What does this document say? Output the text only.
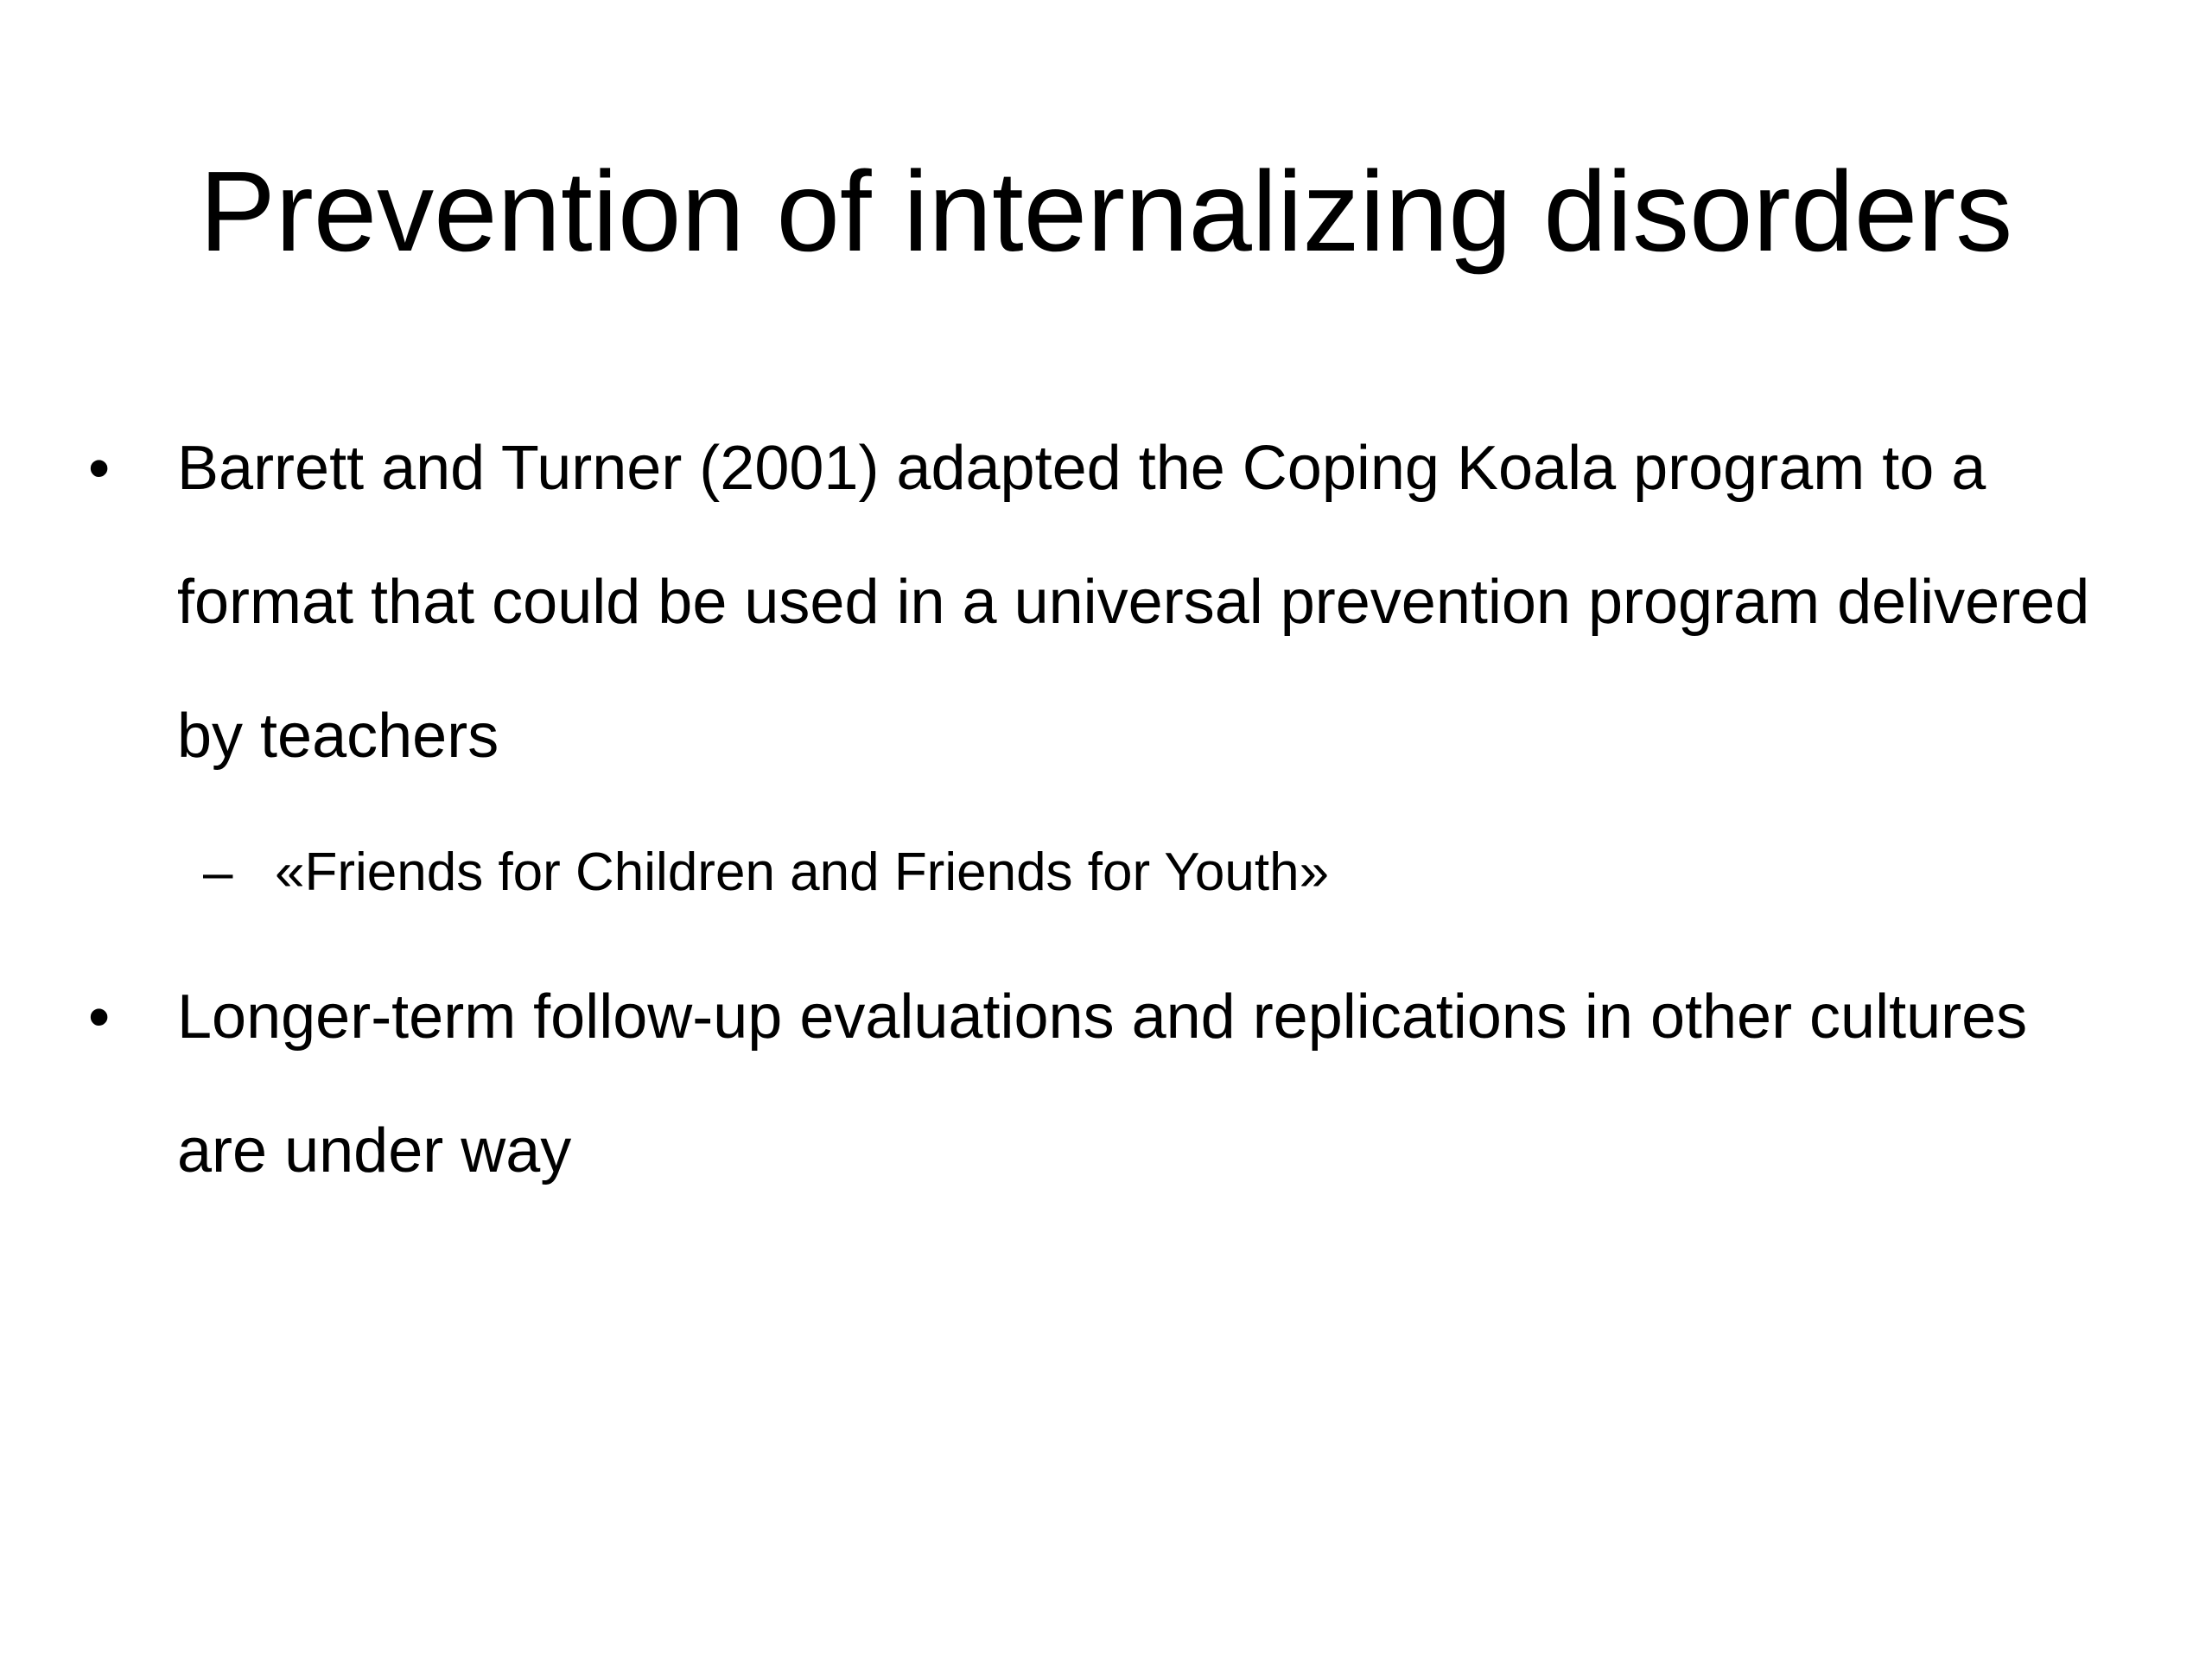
Prevention of internalizing disorders
• Barrett and Turner (2001) adapted the Coping Koala program to a format that could be used in a universal prevention program delivered by teachers
– «Friends for Children and Friends for Youth»
• Longer-term follow-up evaluations and replications in other cultures are under way
